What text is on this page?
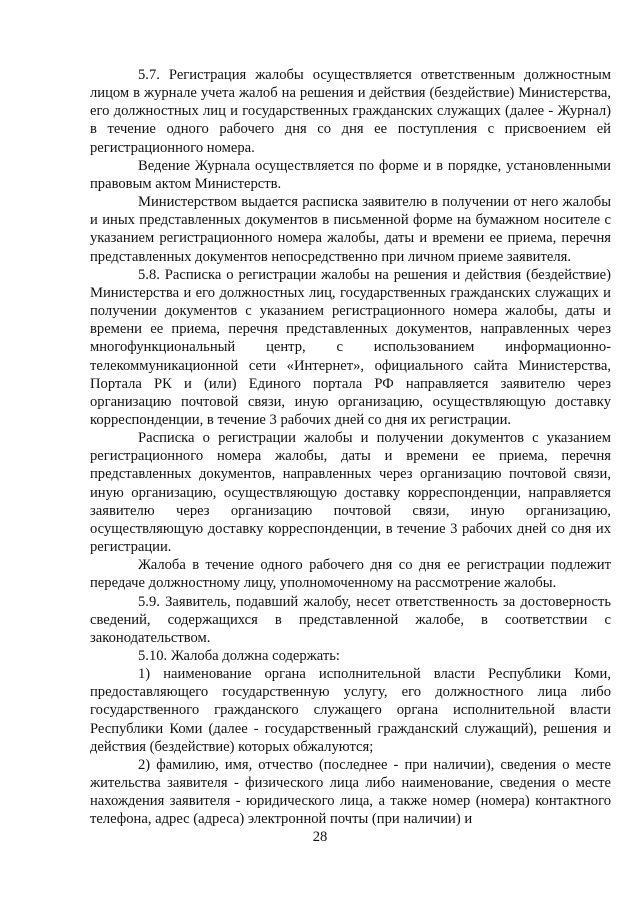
5.7. Регистрация жалобы осуществляется ответственным должностным лицом в журнале учета жалоб на решения и действия (бездействие) Министерства, его должностных лиц и государственных гражданских служащих (далее - Журнал) в течение одного рабочего дня со дня ее поступления с присвоением ей регистрационного номера.

Ведение Журнала осуществляется по форме и в порядке, установленными правовым актом Министерств.

Министерством выдается расписка заявителю в получении от него жалобы и иных представленных документов в письменной форме на бумажном носителе с указанием регистрационного номера жалобы, даты и времени ее приема, перечня представленных документов непосредственно при личном приеме заявителя.

5.8. Расписка о регистрации жалобы на решения и действия (бездействие) Министерства и его должностных лиц, государственных гражданских служащих и получении документов с указанием регистрационного номера жалобы, даты и времени ее приема, перечня представленных документов, направленных через многофункциональный центр, с использованием информационно-телекоммуникационной сети «Интернет», официального сайта Министерства, Портала РК и (или) Единого портала РФ направляется заявителю через организацию почтовой связи, иную организацию, осуществляющую доставку корреспонденции, в течение 3 рабочих дней со дня их регистрации.

Расписка о регистрации жалобы и получении документов с указанием регистрационного номера жалобы, даты и времени ее приема, перечня представленных документов, направленных через организацию почтовой связи, иную организацию, осуществляющую доставку корреспонденции, направляется заявителю через организацию почтовой связи, иную организацию, осуществляющую доставку корреспонденции, в течение 3 рабочих дней со дня их регистрации.

Жалоба в течение одного рабочего дня со дня ее регистрации подлежит передаче должностному лицу, уполномоченному на рассмотрение жалобы.

5.9. Заявитель, подавший жалобу, несет ответственность за достоверность сведений, содержащихся в представленной жалобе, в соответствии с законодательством.

5.10. Жалоба должна содержать:

1) наименование органа исполнительной власти Республики Коми, предоставляющего государственную услугу, его должностного лица либо государственного гражданского служащего органа исполнительной власти Республики Коми (далее - государственный гражданский служащий), решения и действия (бездействие) которых обжалуются;

2) фамилию, имя, отчество (последнее - при наличии), сведения о месте жительства заявителя - физического лица либо наименование, сведения о месте нахождения заявителя - юридического лица, а также номер (номера) контактного телефона, адрес (адреса) электронной почты (при наличии) и

28
